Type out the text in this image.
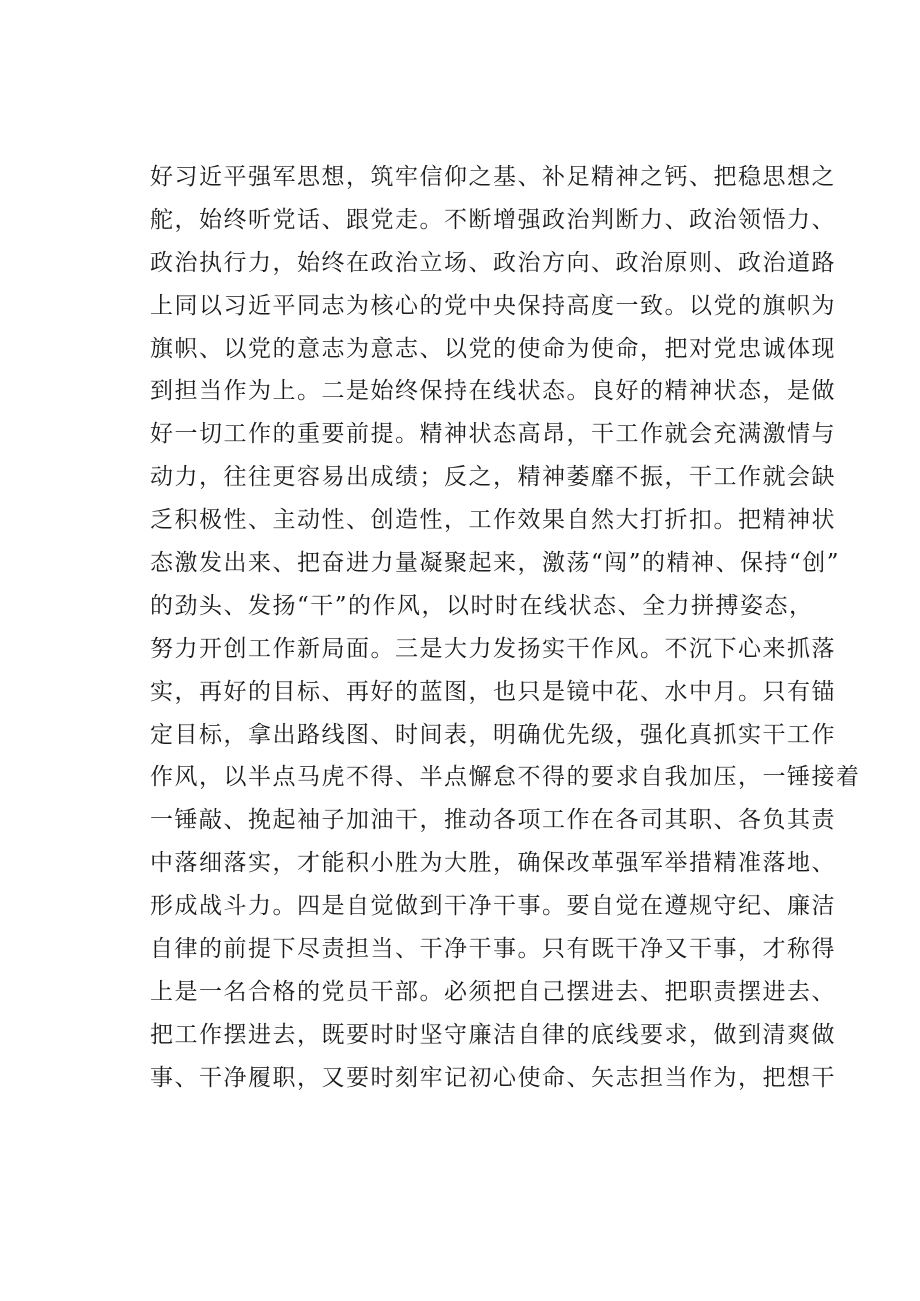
好习近平强军思想，筑牢信仰之基、补足精神之钙、把稳思想之
舵，始终听党话、跟党走。不断增强政治判断力、政治领悟力、
政治执行力，始终在政治立场、政治方向、政治原则、政治道路
上同以习近平同志为核心的党中央保持高度一致。以党的旗帜为
旗帜、以党的意志为意志、以党的使命为使命，把对党忠诚体现
到担当作为上。二是始终保持在线状态。良好的精神状态，是做
好一切工作的重要前提。精神状态高昂，干工作就会充满激情与
动力，往往更容易出成绩；反之，精神萎靡不振，干工作就会缺
乏积极性、主动性、创造性，工作效果自然大打折扣。把精神状
态激发出来、把奋进力量凝聚起来，激荡“闯”的精神、保持“创”
的劲头、发扬“干”的作风，以时时在线状态、全力拼搏姿态，
努力开创工作新局面。三是大力发扬实干作风。不沉下心来抓落
实，再好的目标、再好的蓝图，也只是镜中花、水中月。只有锚
定目标，拿出路线图、时间表，明确优先级，强化真抓实干工作
作风，以半点马虎不得、半点懈怠不得的要求自我加压，一锤接着
一锤敲、挽起袖子加油干，推动各项工作在各司其职、各负其责
中落细落实，才能积小胜为大胜，确保改革强军举措精准落地、
形成战斗力。四是自觉做到干净干事。要自觉在遵规守纪、廉洁
自律的前提下尽责担当、干净干事。只有既干净又干事，才称得
上是一名合格的党员干部。必须把自己摆进去、把职责摆进去、
把工作摆进去，既要时时坚守廉洁自律的底线要求，做到清爽做
事、干净履职，又要时刻牢记初心使命、矢志担当作为，把想干
